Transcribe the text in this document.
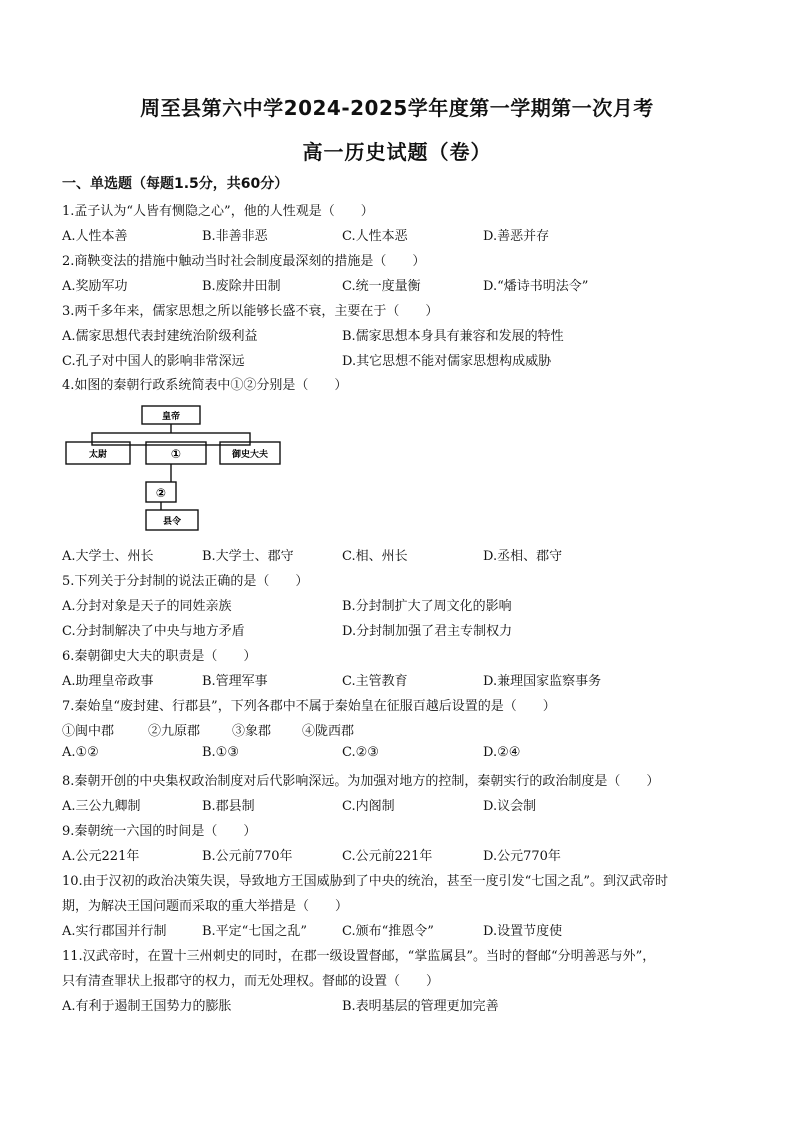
周至县第六中学2024-2025学年度第一学期第一次月考
高一历史试题（卷）
一、单选题（每题1.5分，共60分）
1.孟子认为“人皆有恻隐之心”，他的人性观是（　　）
A.人性本善	B.非善非恶	C.人性本恶	D.善恶并存
2.商鞅变法的措施中触动当时社会制度最深刻的措施是（　　）
A.奖励军功	B.废除井田制	C.统一度量衡	D.“燔诗书明法令”
3.两千多年来，儒家思想之所以能够长盛不衰，主要在于（　　）
A.儒家思想代表封建统治阶级利益	B.儒家思想本身具有兼容和发展的特性
C.孔子对中国人的影响非常深远	D.其它思想不能对儒家思想构成威胁
4.如图的秦朝行政系统简表中①②分别是（　　）
皇帝
太尉	①	御史大夫
②
县令
A.大学士、州长	B.大学士、郡守	C.相、州长	D.丞相、郡守
5.下列关于分封制的说法正确的是（　　）
A.分封对象是天子的同姓亲族	B.分封制扩大了周文化的影响
C.分封制解决了中央与地方矛盾	D.分封制加强了君主专制权力
6.秦朝御史大夫的职责是（　　）
A.助理皇帝政事	B.管理军事	C.主管教育	D.兼理国家监察事务
7.秦始皇“废封建、行郡县”，下列各郡中不属于秦始皇在征服百越后设置的是（　　）
①闽中郡	②九原郡 ③象郡 ④陇西郡
A.①②	B.①③	C.②③	D.②④
8.秦朝开创的中央集权政治制度对后代影响深远。为加强对地方的控制，秦朝实行的政治制度是（　　）
A.三公九卿制	B.郡县制	C.内阁制	D.议会制
9.秦朝统一六国的时间是（　　）
A.公元221年	B.公元前770年	C.公元前221年	D.公元770年
10.由于汉初的政治决策失误，导致地方王国威胁到了中央的统治，甚至一度引发“七国之乱”。到汉武帝时
期，为解决王国问题而采取的重大举措是（　　）
A.实行郡国并行制	B.平定“七国之乱”	C.颁布“推恩令”	D.设置节度使
11.汉武帝时，在置十三州刺史的同时，在郡一级设置督邮，“掌监属县”。当时的督邮“分明善恶与外”，
只有清查罪状上报郡守的权力，而无处理权。督邮的设置（　　）
A.有利于遏制王国势力的膨胀	B.表明基层的管理更加完善
